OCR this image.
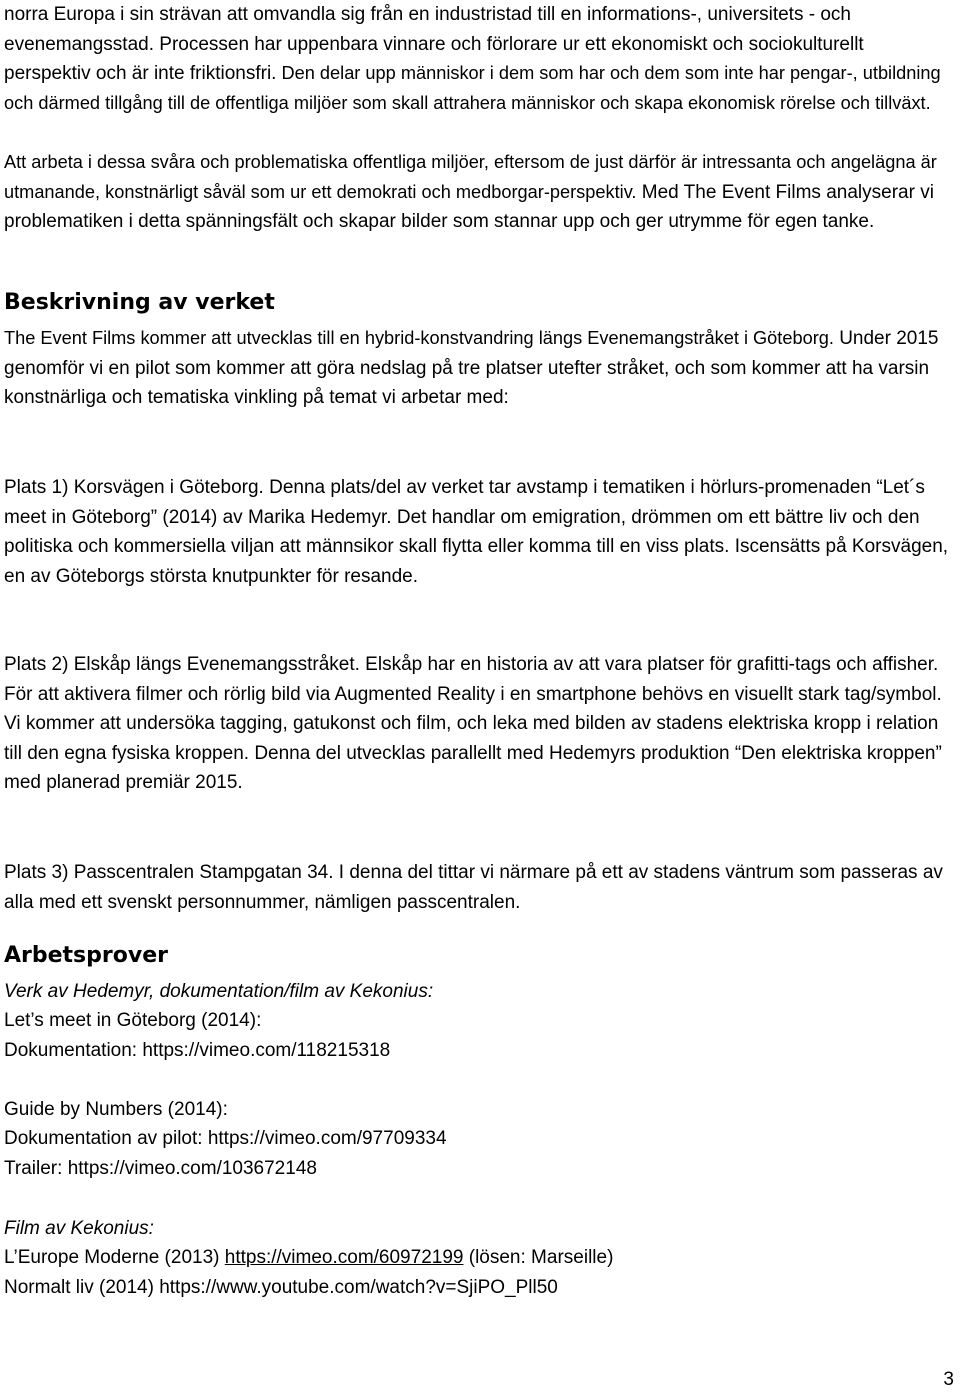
norra Europa i sin strävan att omvandla sig från en industristad till en informations-, universitets - och evenemangsstad. Processen har uppenbara vinnare och förlorare ur ett ekonomiskt och sociokulturellt perspektiv och är inte friktionsfri. Den delar upp människor i dem som har och dem som inte har pengar-, utbildning och därmed tillgång till de offentliga miljöer som skall attrahera människor och skapa ekonomisk rörelse och tillväxt.

Att arbeta i dessa svåra och problematiska offentliga miljöer, eftersom de just därför är intressanta och angelägna är utmanande, konstnärligt såväl som ur ett demokrati och medborgar-perspektiv. Med The Event Films analyserar vi problematiken i detta spänningsfält och skapar bilder som stannar upp och ger utrymme för egen tanke.

Beskrivning av verket

The Event Films kommer att utvecklas till en hybrid-konstvandring längs Evenemangstråket i Göteborg. Under 2015 genomför vi en pilot som kommer att göra nedslag på tre platser utefter stråket, och som kommer att ha varsin konstnärliga och tematiska vinkling på temat vi arbetar med:

Plats 1) Korsvägen i Göteborg. Denna plats/del av verket tar avstamp i tematiken i hörlurs-promenaden “Let´s meet in Göteborg” (2014) av Marika Hedemyr. Det handlar om emigration, drömmen om ett bättre liv och den politiska och kommersiella viljan att männsikor skall flytta eller komma till en viss plats. Iscensätts på Korsvägen, en av Göteborgs största knutpunkter för resande.

Plats 2) Elskåp längs Evenemangsstråket. Elskåp har en historia av att vara platser för grafitti-tags och affisher. För att aktivera filmer och rörlig bild via Augmented Reality i en smartphone behövs en visuellt stark tag/symbol. Vi kommer att undersöka tagging, gatukonst och film, och leka med bilden av stadens elektriska kropp i relation till den egna fysiska kroppen. Denna del utvecklas parallellt med Hedemyrs produktion “Den elektriska kroppen” med planerad premiär 2015.

Plats 3) Passcentralen Stampgatan 34. I denna del tittar vi närmare på ett av stadens väntrum som passeras av alla med ett svenskt personnummer, nämligen passcentralen.

Arbetsprover

Verk av Hedemyr, dokumentation/film av Kekonius:

Let’s meet in Göteborg (2014):

Dokumentation: https://vimeo.com/118215318

Guide by Numbers (2014):

Dokumentation av pilot: https://vimeo.com/97709334

Trailer: https://vimeo.com/103672148

Film av Kekonius:

L’Europe Moderne (2013) https://vimeo.com/60972199 (lösen: Marseille)

Normalt liv (2014) https://www.youtube.com/watch?v=SjiPO_Pll50

3
